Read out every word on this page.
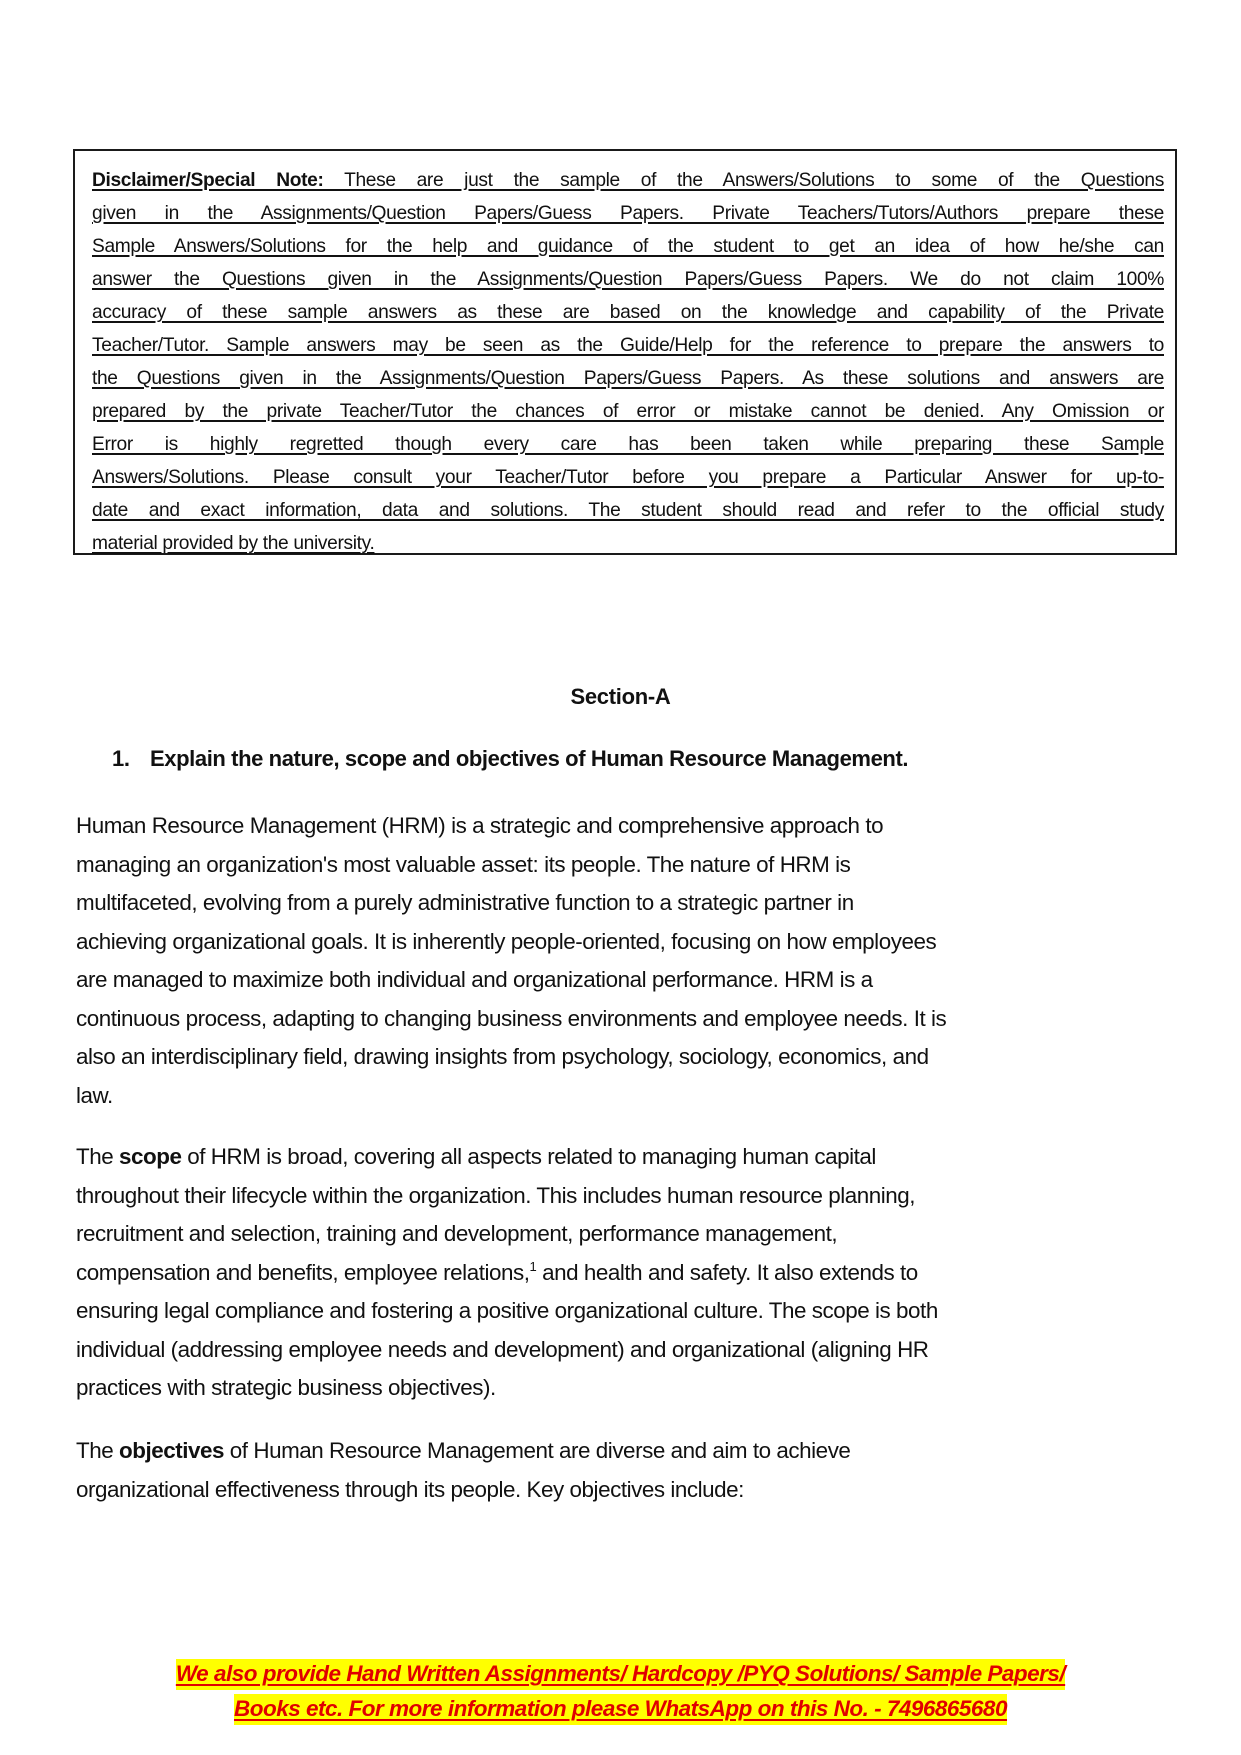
Disclaimer/Special Note: These are just the sample of the Answers/Solutions to some of the Questions
given in the Assignments/Question Papers/Guess Papers. Private Teachers/Tutors/Authors prepare these
Sample Answers/Solutions for the help and guidance of the student to get an idea of how he/she can
answer the Questions given in the Assignments/Question Papers/Guess Papers. We do not claim 100%
accuracy of these sample answers as these are based on the knowledge and capability of the Private
Teacher/Tutor. Sample answers may be seen as the Guide/Help for the reference to prepare the answers to
the Questions given in the Assignments/Question Papers/Guess Papers. As these solutions and answers are
prepared by the private Teacher/Tutor the chances of error or mistake cannot be denied. Any Omission or
Error is highly regretted though every care has been taken while preparing these Sample
Answers/Solutions. Please consult your Teacher/Tutor before you prepare a Particular Answer for up-to-
date and exact information, data and solutions. The student should read and refer to the official study
material provided by the university.
Section-A
1. Explain the nature, scope and objectives of Human Resource Management.
Human Resource Management (HRM) is a strategic and comprehensive approach to
managing an organization's most valuable asset: its people. The nature of HRM is
multifaceted, evolving from a purely administrative function to a strategic partner in
achieving organizational goals. It is inherently people-oriented, focusing on how employees
are managed to maximize both individual and organizational performance. HRM is a
continuous process, adapting to changing business environments and employee needs. It is
also an interdisciplinary field, drawing insights from psychology, sociology, economics, and
law.
The scope of HRM is broad, covering all aspects related to managing human capital
throughout their lifecycle within the organization. This includes human resource planning,
recruitment and selection, training and development, performance management,
compensation and benefits, employee relations,$^1$ and health and safety. It also extends to
ensuring legal compliance and fostering a positive organizational culture. The scope is both
individual (addressing employee needs and development) and organizational (aligning HR
practices with strategic business objectives).
The objectives of Human Resource Management are diverse and aim to achieve
organizational effectiveness through its people. Key objectives include:
We also provide Hand Written Assignments/ Hardcopy /PYQ Solutions/ Sample Papers/
Books etc. For more information please WhatsApp on this No. - 7496865680
